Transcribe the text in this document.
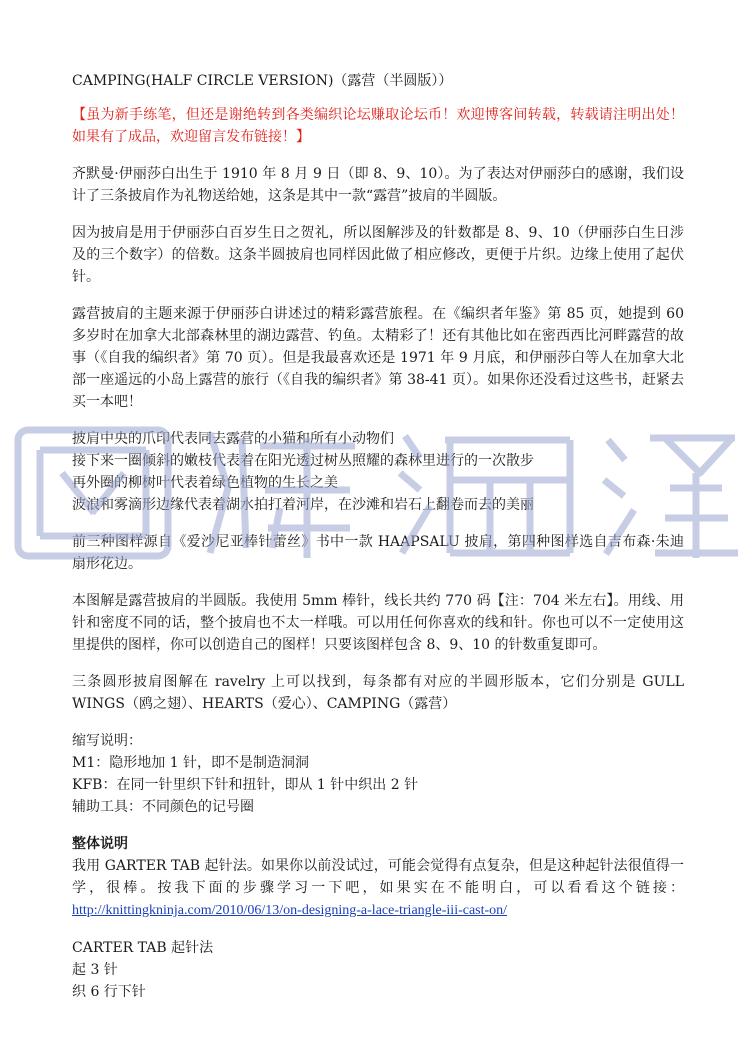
CAMPING(HALF CIRCLE VERSION)（露营（半圆版））

【虽为新手练笔，但还是谢绝转到各类编织论坛赚取论坛币！欢迎博客间转载，转载请注明出处！如果有了成品，欢迎留言发布链接！】

齐默曼·伊丽莎白出生于 1910 年 8 月 9 日（即 8、9、10）。为了表达对伊丽莎白的感谢，我们设计了三条披肩作为礼物送给她，这条是其中一款“露营”披肩的半圆版。

因为披肩是用于伊丽莎白百岁生日之贺礼，所以图解涉及的针数都是 8、9、10（伊丽莎白生日涉及的三个数字）的倍数。这条半圆披肩也同样因此做了相应修改，更便于片织。边缘上使用了起伏针。

露营披肩的主题来源于伊丽莎白讲述过的精彩露营旅程。在《编织者年鉴》第 85 页，她提到 60 多岁时在加拿大北部森林里的湖边露营、钓鱼。太精彩了！还有其他比如在密西西比河畔露营的故事（《自我的编织者》第 70 页）。但是我最喜欢还是 1971 年 9 月底，和伊丽莎白等人在加拿大北部一座遥远的小岛上露营的旅行（《自我的编织者》第 38-41 页）。如果你还没看过这些书，赶紧去买一本吧！

披肩中央的爪印代表同去露营的小猫和所有小动物们
接下来一圈倾斜的嫩枝代表着在阳光透过树丛照耀的森林里进行的一次散步
再外圈的柳树叶代表着绿色植物的生长之美
波浪和雾滴形边缘代表着湖水拍打着河岸，在沙滩和岩石上翻卷而去的美丽

前三种图样源自《爱沙尼亚棒针蕾丝》书中一款 HAAPSALU 披肩，第四种图样选自吉布森·朱迪扇形花边。

本图解是露营披肩的半圆版。我使用 5mm 棒针，线长共约 770 码【注：704 米左右】。用线、用针和密度不同的话，整个披肩也不太一样哦。可以用任何你喜欢的线和针。你也可以不一定使用这里提供的图样，你可以创造自己的图样！只要该图样包含 8、9、10 的针数重复即可。

三条圆形披肩图解在 ravelry 上可以找到，每条都有对应的半圆形版本，它们分别是 GULL WINGS（鸥之翅）、HEARTS（爱心）、CAMPING（露营）

缩写说明：
M1：隐形地加 1 针，即不是制造洞洞
KFB：在同一针里织下针和扭针，即从 1 针中织出 2 针
辅助工具：不同颜色的记号圈

整体说明
我用 GARTER TAB 起针法。如果你以前没试过，可能会觉得有点复杂，但是这种起针法很值得一学，很棒。按我下面的步骤学习一下吧，如果实在不能明白，可以看看这个链接： http://knittingkninja.com/2010/06/13/on-designing-a-lace-triangle-iii-cast-on/

CARTER TAB 起针法
起 3 针
织 6 行下针
